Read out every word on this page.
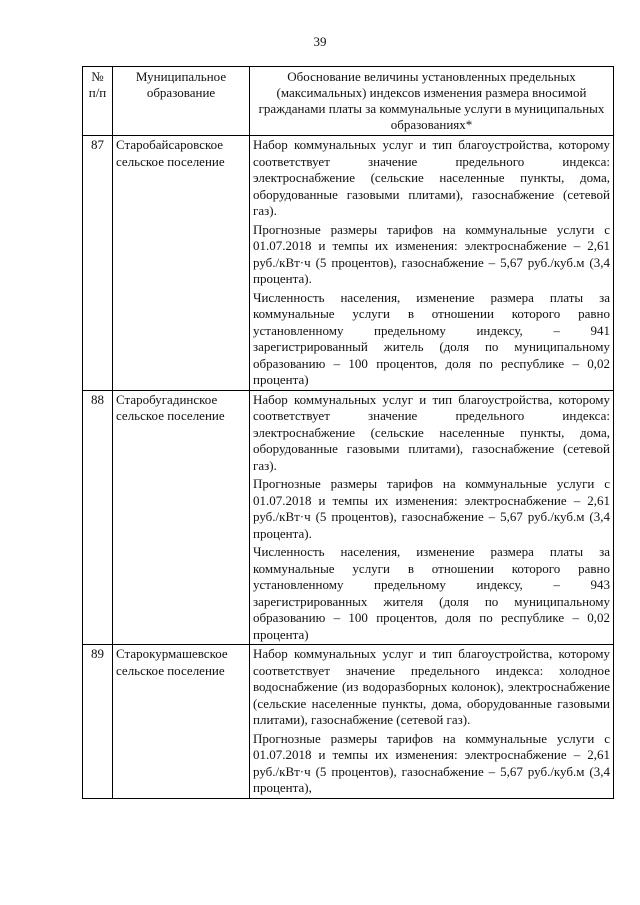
39
№ п/п	Муниципальное образование	Обоснование величины установленных предельных (максимальных) индексов изменения размера вносимой гражданами платы за коммунальные услуги в муниципальных образованиях*
87	Старобайсаровское сельское поселение	Набор коммунальных услуг и тип благоустройства, которому соответствует значение предельного индекса: электроснабжение (сельские населенные пункты, дома, оборудованные газовыми плитами), газоснабжение (сетевой газ).

Прогнозные размеры тарифов на коммунальные услуги с 01.07.2018 и темпы их изменения: электроснабжение – 2,61 руб./кВт·ч (5 процентов), газоснабжение – 5,67 руб./куб.м (3,4 процента).

Численность населения, изменение размера платы за коммунальные услуги в отношении которого равно установленному предельному индексу, – 941 зарегистрированный житель (доля по муниципальному образованию – 100 процентов, доля по республике – 0,02 процента)

88	Старобугадинское сельское поселение	Набор коммунальных услуг и тип благоустройства, которому соответствует значение предельного индекса: электроснабжение (сельские населенные пункты, дома, оборудованные газовыми плитами), газоснабжение (сетевой газ).

Прогнозные размеры тарифов на коммунальные услуги с 01.07.2018 и темпы их изменения: электроснабжение – 2,61 руб./кВт·ч (5 процентов), газоснабжение – 5,67 руб./куб.м (3,4 процента).

Численность населения, изменение размера платы за коммунальные услуги в отношении которого равно установленному предельному индексу, – 943 зарегистрированных жителя (доля по муниципальному образованию – 100 процентов, доля по республике – 0,02 процента)

89	Старокурмашевское сельское поселение	Набор коммунальных услуг и тип благоустройства, которому соответствует значение предельного индекса: холодное водоснабжение (из водоразборных колонок), электроснабжение (сельские населенные пункты, дома, оборудованные газовыми плитами), газоснабжение (сетевой газ).

Прогнозные размеры тарифов на коммунальные услуги с 01.07.2018 и темпы их изменения: электроснабжение – 2,61 руб./кВт·ч (5 процентов), газоснабжение – 5,67 руб./куб.м (3,4 процента),
